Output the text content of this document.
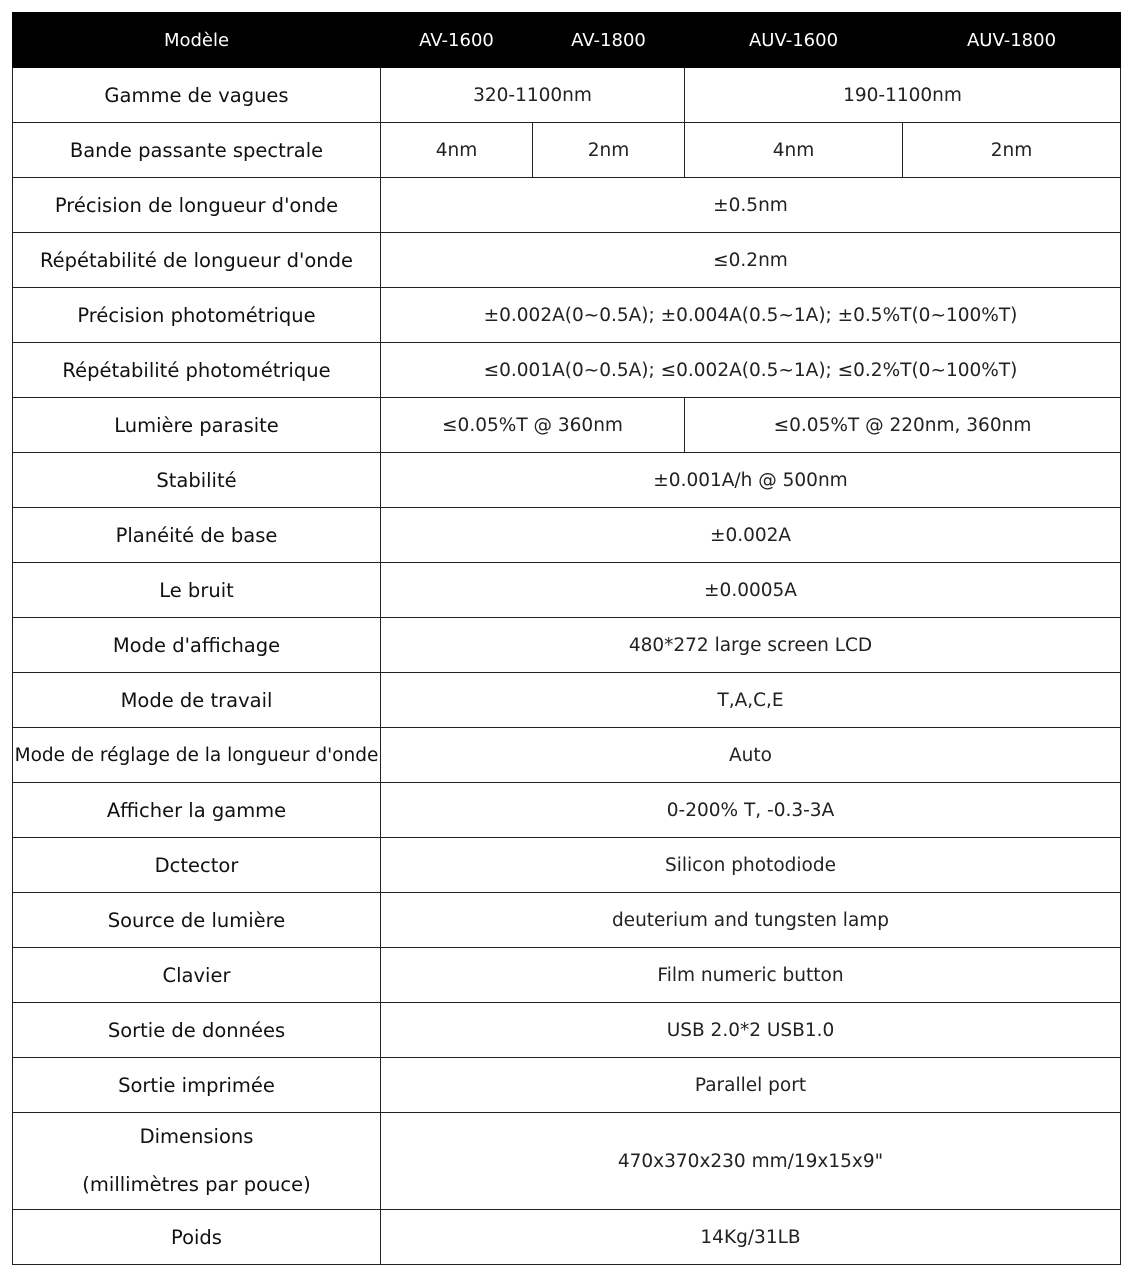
Modèle	AV-1600	AV-1800	AUV-1600	AUV-1800
Gamme de vagues	320-1100nm		190-1100nm	
Bande passante spectrale	4nm	2nm	4nm	2nm
Précision de longueur d'onde	±0.5nm			
Répétabilité de longueur d'onde	≤0.2nm			
Précision photométrique	±0.002A(0~0.5A); ±0.004A(0.5~1A); ±0.5%T(0~100%T)			
Répétabilité photométrique	≤0.001A(0~0.5A); ≤0.002A(0.5~1A); ≤0.2%T(0~100%T)			
Lumière parasite	≤0.05%T @ 360nm		≤0.05%T @ 220nm, 360nm	
Stabilité	±0.001A/h @ 500nm			
Planéité de base	±0.002A			
Le bruit	±0.0005A			
Mode d'affichage	480*272 large screen LCD			
Mode de travail	T,A,C,E			
Mode de réglage de la longueur d'onde	Auto			
Afficher la gamme	0-200% T, -0.3-3A			
Dctector	Silicon photodiode			
Source de lumière	deuterium and tungsten lamp			
Clavier	Film numeric button			
Sortie de données	USB 2.0*2 USB1.0			
Sortie imprimée	Parallel port			

Dimensions
(millimètres par pouce)	470x370x230 mm/19x15x9"			
Poids	14Kg/31LB			
